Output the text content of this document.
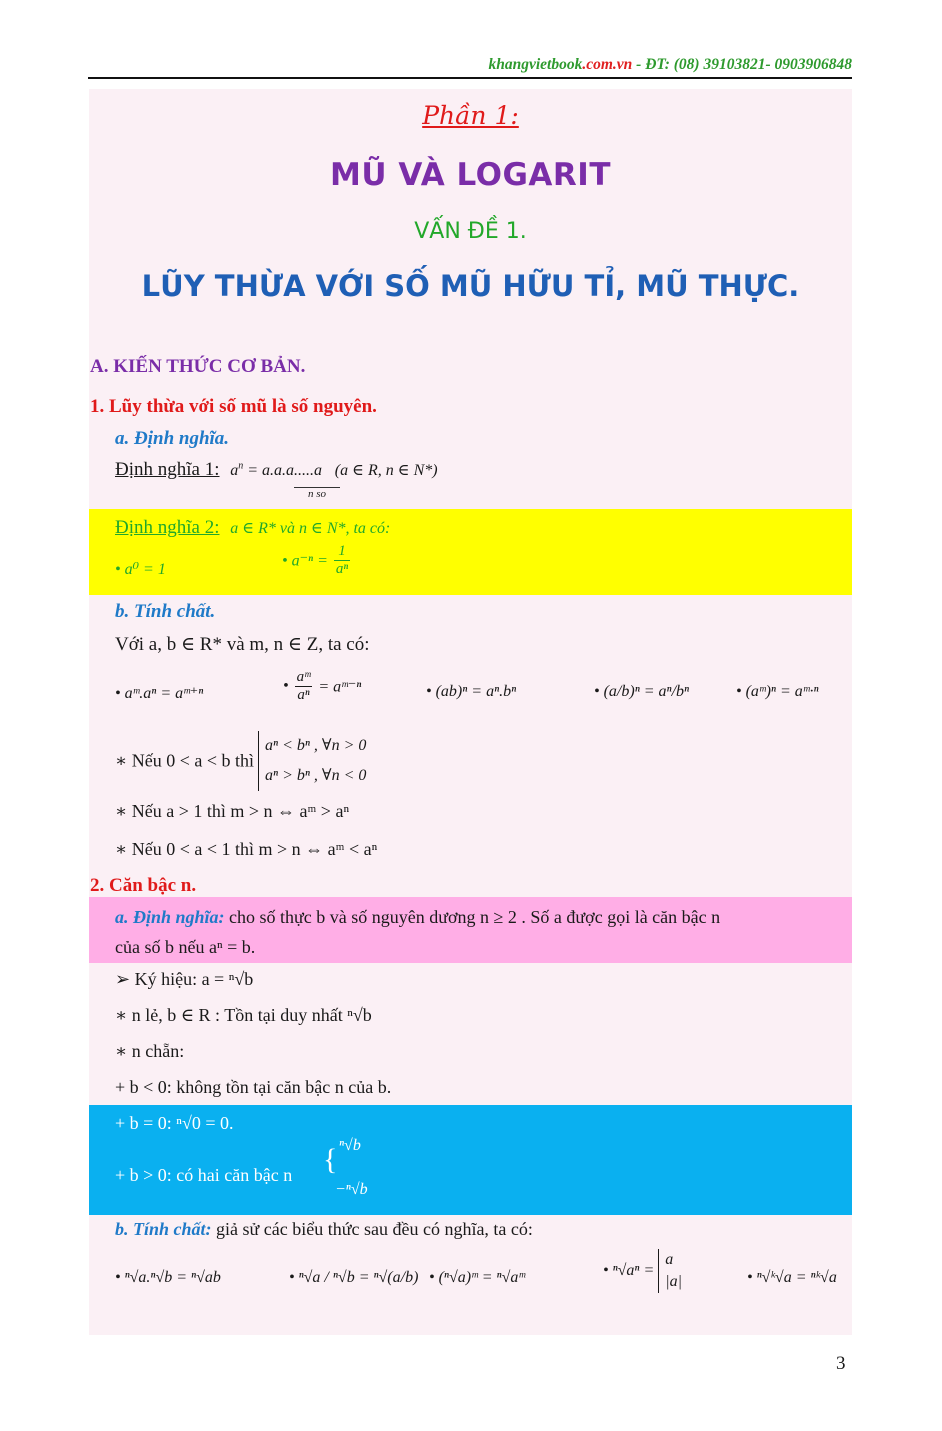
khangvietbook.com.vn - ĐT: (08) 39103821- 0903906848
Phần 1:
MŨ VÀ LOGARIT
VẤN ĐỀ 1.
LŨY THỪA VỚI SỐ MŨ HỮU TỈ, MŨ THỰC.
A. KIẾN THỨC CƠ BẢN.
1. Lũy thừa với số mũ là số nguyên.
a. Định nghĩa.
Định nghĩa 1: $a^n = a.a.a.....a$ (a ∈ R, n ∈ N*)
n so
Định nghĩa 2: a ∈ R* và n ∈ N*, ta có:
• a⁰ = 1	• $a^{-n} = \frac{1}{\text{aⁿ}}$
b. Tính chất.
Với a, b ∈ R* và m, n ∈ Z, ta có:
• aᵐ.aⁿ = aᵐ⁺ⁿ	• $\frac{\text{aᵐ}}{\text{aⁿ}}$ = aᵐ⁻ⁿ	• (ab)ⁿ = aⁿ.bⁿ	• (a/b)ⁿ = aⁿ/bⁿ	• (aᵐ)ⁿ = aᵐ·ⁿ
∗ Nếu 0 < a < b thì
aⁿ < bⁿ , ∀n > 0
aⁿ > bⁿ , ∀n < 0
∗ Nếu a > 1 thì m > n ⇔ aᵐ > aⁿ
∗ Nếu 0 < a < 1 thì m > n ⇔ aᵐ < aⁿ
2. Căn bậc n.
a. Định nghĩa: cho số thực b và số nguyên dương n ≥ 2 . Số a được gọi là căn bậc n
của số b nếu aⁿ = b.
➢ Ký hiệu: a = ⁿ√b
∗ n lẻ, b ∈ R : Tồn tại duy nhất ⁿ√b
∗ n chẵn:
+ b < 0: không tồn tại căn bậc n của b.
+ b = 0: ⁿ√0 = 0.
+ b > 0: có hai căn bậc n { ⁿ√b
−ⁿ√b
b. Tính chất: giả sử các biểu thức sau đều có nghĩa, ta có:
• ⁿ√a.ⁿ√b = ⁿ√ab	• ⁿ√a / ⁿ√b = ⁿ√(a/b) • (ⁿ√a)ᵐ = ⁿ√aᵐ	• ⁿ√aⁿ =
a
|a|	• ⁿ√ᵏ√a = ⁿᵏ√a
3
